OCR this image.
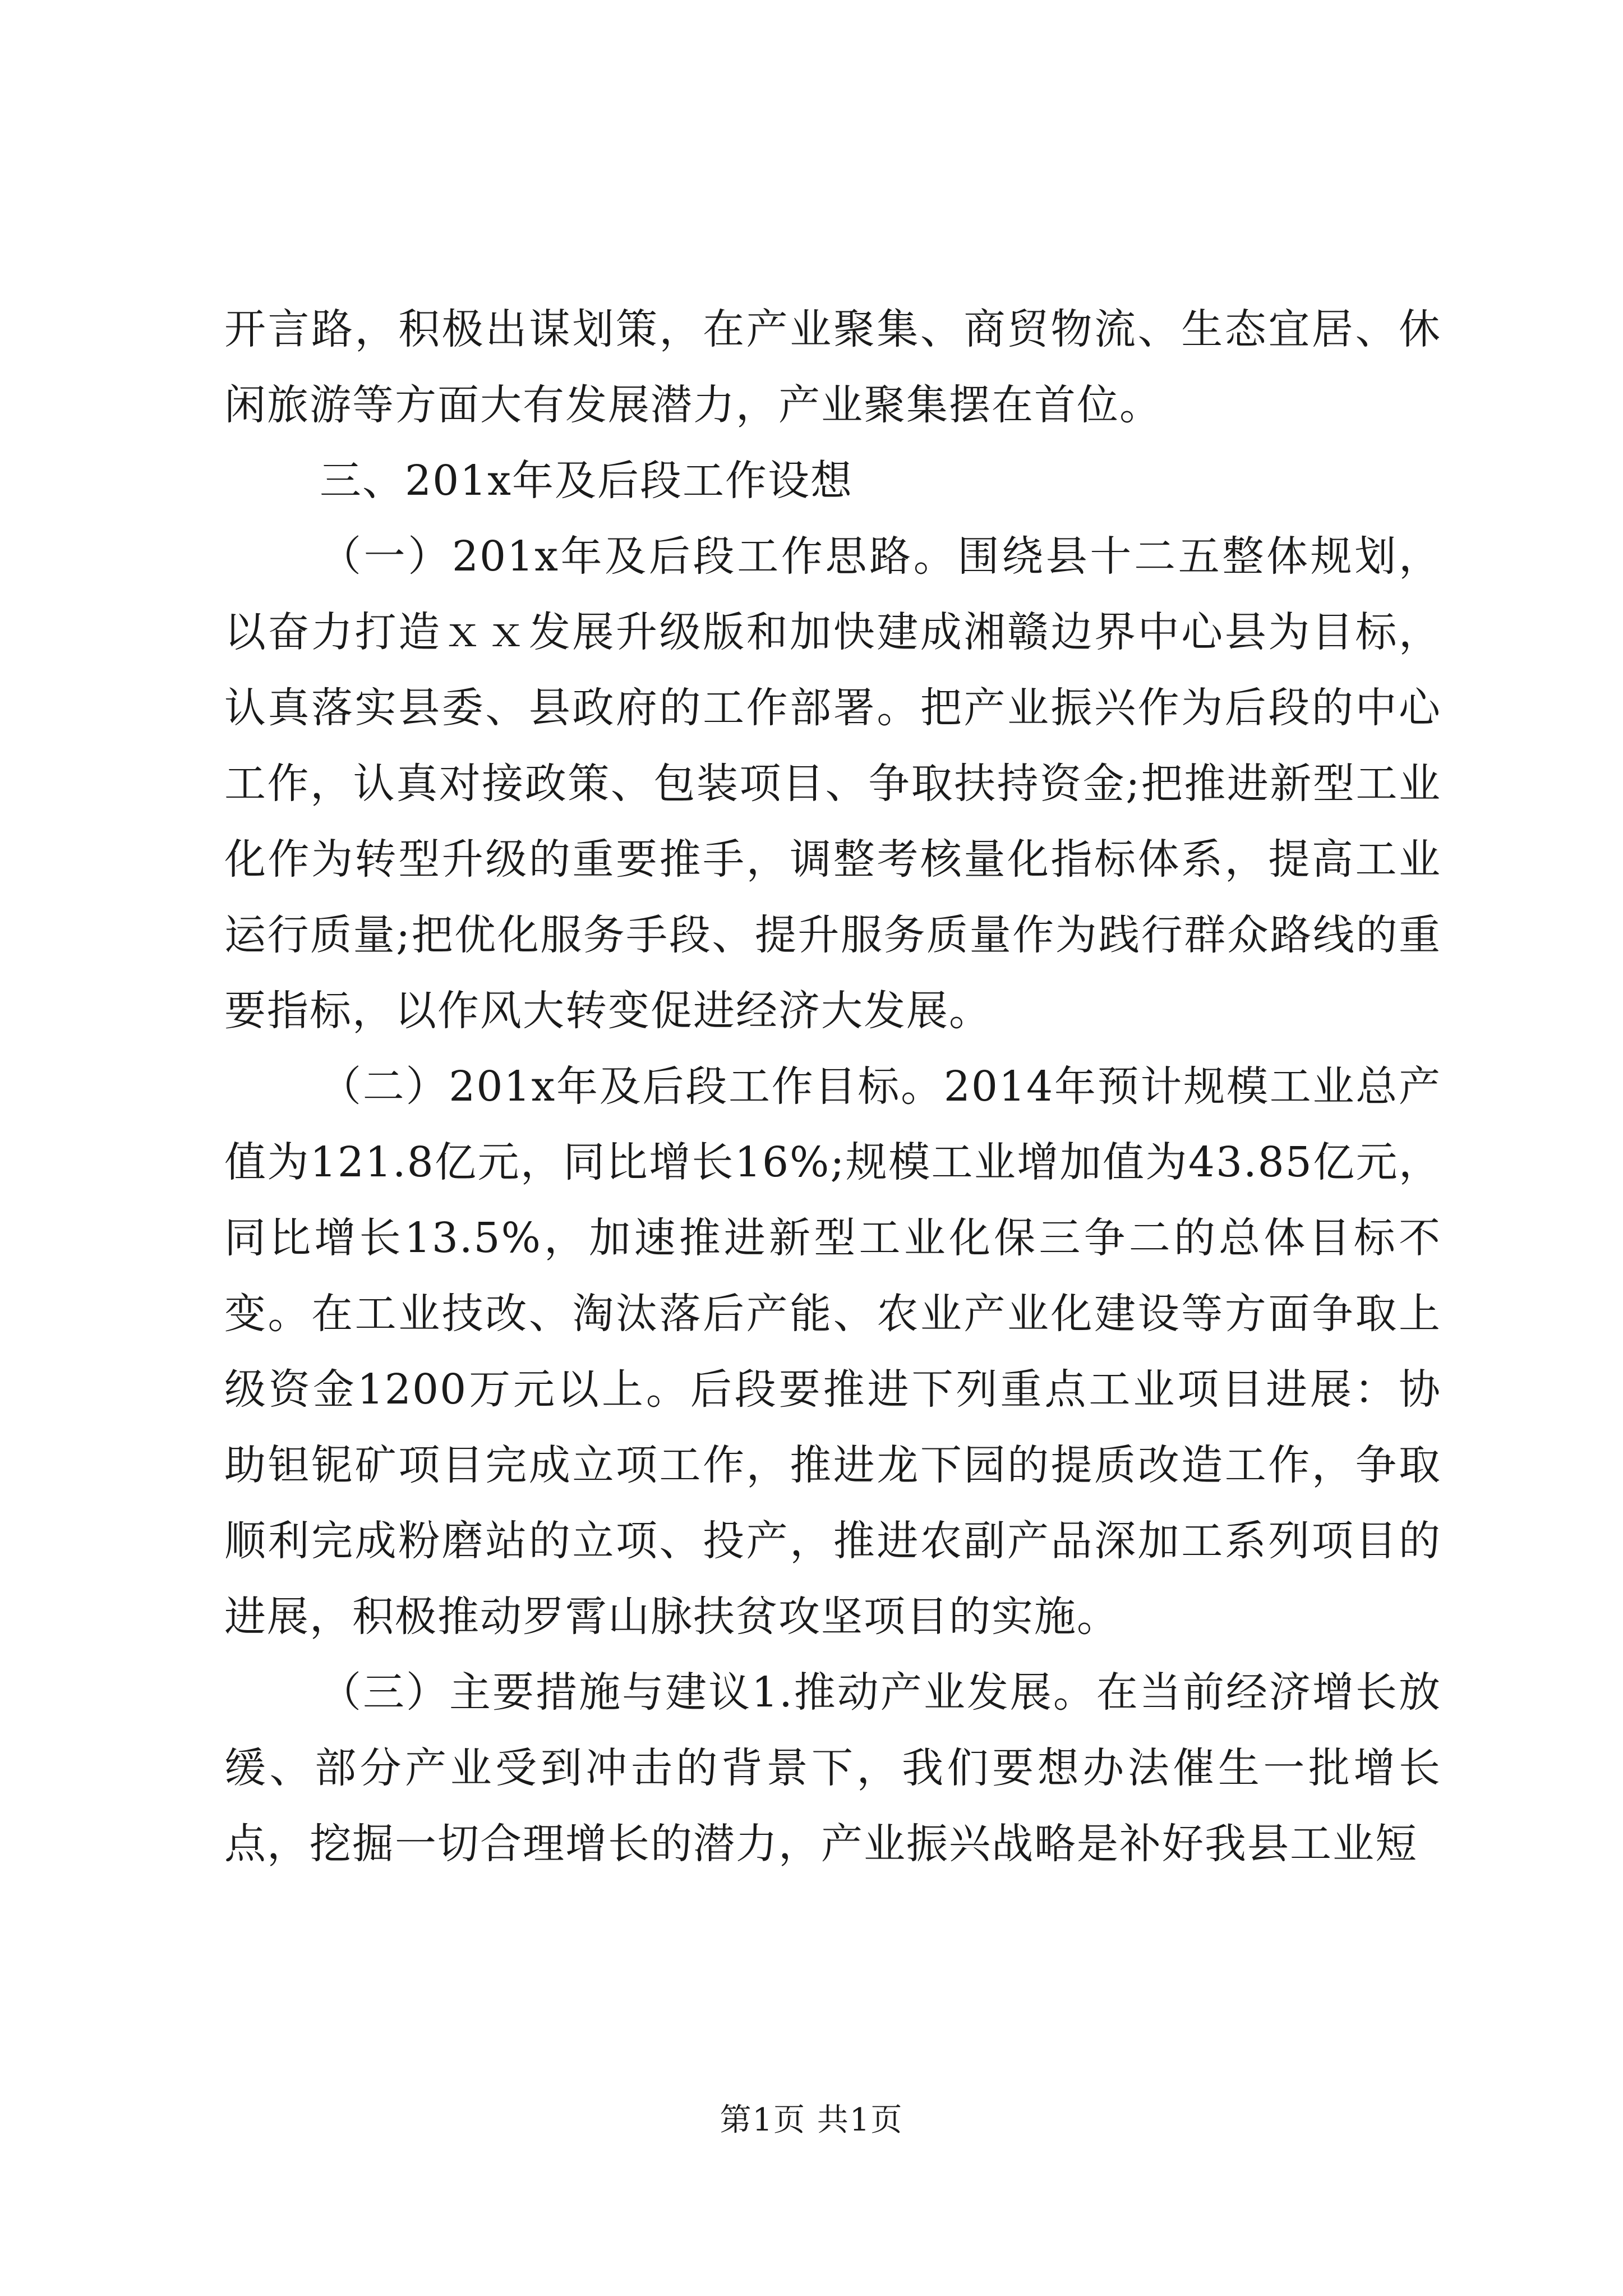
开言路，积极出谋划策，在产业聚集、商贸物流、生态宜居、休闲旅游等方面大有发展潜力，产业聚集摆在首位。

三、201x年及后段工作设想

（一）201x年及后段工作思路。围绕县十二五整体规划，以奋力打造ｘｘ发展升级版和加快建成湘赣边界中心县为目标，认真落实县委、县政府的工作部署。把产业振兴作为后段的中心工作，认真对接政策、包装项目、争取扶持资金;把推进新型工业化作为转型升级的重要推手，调整考核量化指标体系，提高工业运行质量;把优化服务手段、提升服务质量作为践行群众路线的重要指标，以作风大转变促进经济大发展。

（二）201x年及后段工作目标。2014年预计规模工业总产值为121.8亿元，同比增长16%;规模工业增加值为43.85亿元，同比增长13.5%，加速推进新型工业化保三争二的总体目标不变。在工业技改、淘汰落后产能、农业产业化建设等方面争取上级资金1200万元以上。后段要推进下列重点工业项目进展：协助钽铌矿项目完成立项工作，推进龙下园的提质改造工作，争取顺利完成粉磨站的立项、投产，推进农副产品深加工系列项目的进展，积极推动罗霄山脉扶贫攻坚项目的实施。

（三）主要措施与建议1.推动产业发展。在当前经济增长放缓、部分产业受到冲击的背景下，我们要想办法催生一批增长点，挖掘一切合理增长的潜力，产业振兴战略是补好我县工业短

第1页 共1页
